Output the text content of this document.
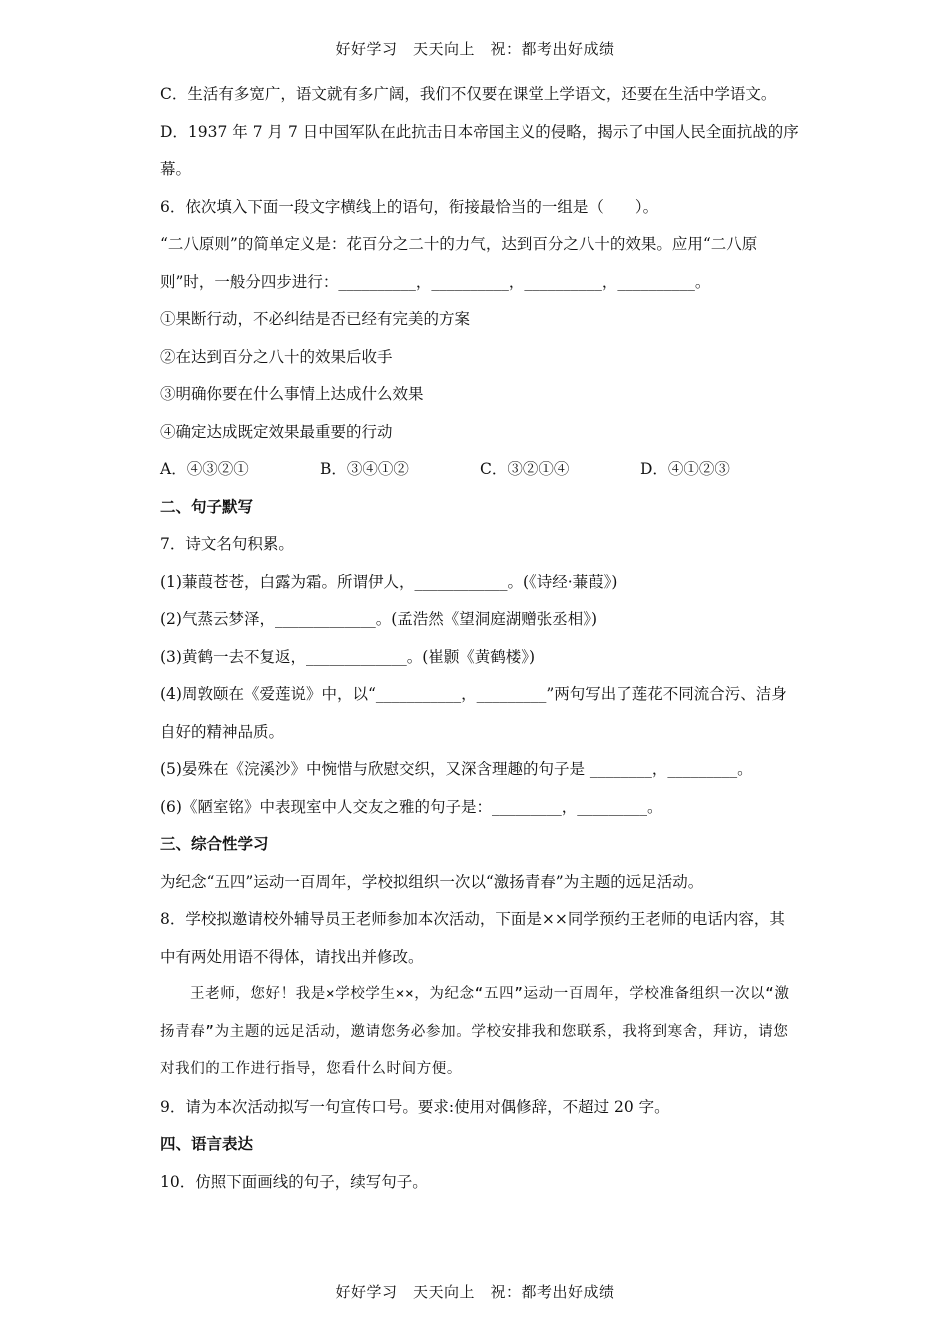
好好学习　天天向上　祝：都考出好成绩

C．生活有多宽广，语文就有多广阔，我们不仅要在课堂上学语文，还要在生活中学语文。

D．1937 年 7 月 7 日中国军队在此抗击日本帝国主义的侵略，揭示了中国人民全面抗战的序幕。

6．依次填入下面一段文字横线上的语句，衔接最恰当的一组是（　　）。

“二八原则”的简单定义是：花百分之二十的力气，达到百分之八十的效果。应用“二八原则”时，一般分四步进行：__________，__________，__________，__________。

①果断行动，不必纠结是否已经有完美的方案

②在达到百分之八十的效果后收手

③明确你要在什么事情上达成什么效果

④确定达成既定效果最重要的行动

A．④③②①	B．③④①②	C．③②①④	D．④①②③

二、句子默写

7．诗文名句积累。

(1)蒹葭苍苍，白露为霜。所谓伊人，____________。(《诗经·蒹葭》)

(2)气蒸云梦泽，_____________。(孟浩然《望洞庭湖赠张丞相》)

(3)黄鹤一去不复返，_____________。(崔颢《黄鹤楼》)

(4)周敦颐在《爱莲说》中，以“___________，_________”两句写出了莲花不同流合污、洁身自好的精神品质。

(5)晏殊在《浣溪沙》中惋惜与欣慰交织，又深含理趣的句子是 ________，_________。

(6)《陋室铭》中表现室中人交友之雅的句子是：_________，_________。

三、综合性学习

为纪念“五四”运动一百周年，学校拟组织一次以“激扬青春”为主题的远足活动。

8．学校拟邀请校外辅导员王老师参加本次活动，下面是××同学预约王老师的电话内容，其中有两处用语不得体，请找出并修改。

王老师，您好！我是×学校学生××，为纪念“五四”运动一百周年，学校准备组织一次以“激扬青春”为主题的远足活动，邀请您务必参加。学校安排我和您联系，我将到寒舍，拜访，请您对我们的工作进行指导，您看什么时间方便。

9．请为本次活动拟写一句宣传口号。要求:使用对偶修辞，不超过 20 字。

四、语言表达

10．仿照下面画线的句子，续写句子。

好好学习　天天向上　祝：都考出好成绩
